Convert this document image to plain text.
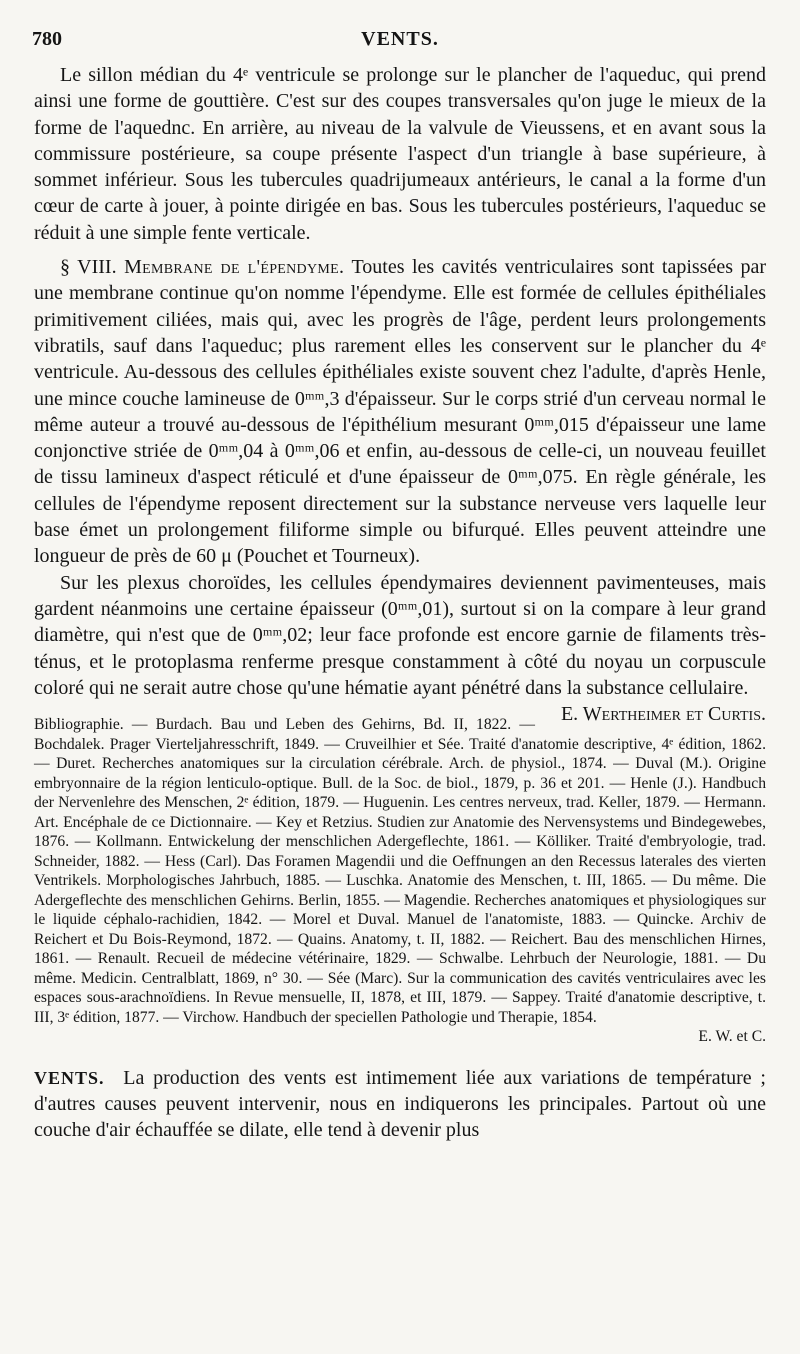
780	VENTS.

Le sillon médian du 4ᵉ ventricule se prolonge sur le plancher de l'aqueduc, qui prend ainsi une forme de gouttière. C'est sur des coupes transversales qu'on juge le mieux de la forme de l'aquednc. En arrière, au niveau de la valvule de Vieussens, et en avant sous la commissure postérieure, sa coupe présente l'aspect d'un triangle à base supérieure, à sommet inférieur. Sous les tubercules quadrijumeaux antérieurs, le canal a la forme d'un cœur de carte à jouer, à pointe dirigée en bas. Sous les tubercules postérieurs, l'aqueduc se réduit à une simple fente verticale.

§ VIII. Membrane de l'épendyme. Toutes les cavités ventriculaires sont tapissées par une membrane continue qu'on nomme l'épendyme. Elle est formée de cellules épithéliales primitivement ciliées, mais qui, avec les progrès de l'âge, perdent leurs prolongements vibratils, sauf dans l'aqueduc; plus rarement elles les conservent sur le plancher du 4ᵉ ventricule. Au-dessous des cellules épithéliales existe souvent chez l'adulte, d'après Henle, une mince couche lamineuse de 0ᵐᵐ,3 d'épaisseur. Sur le corps strié d'un cerveau normal le même auteur a trouvé au-dessous de l'épithélium mesurant 0ᵐᵐ,015 d'épaisseur une lame conjonctive striée de 0ᵐᵐ,04 à 0ᵐᵐ,06 et enfin, au-dessous de celle-ci, un nouveau feuillet de tissu lamineux d'aspect réticulé et d'une épaisseur de 0ᵐᵐ,075. En règle générale, les cellules de l'épendyme reposent directement sur la substance nerveuse vers laquelle leur base émet un prolongement filiforme simple ou bifurqué. Elles peuvent atteindre une longueur de près de 60 μ (Pouchet et Tourneux).

Sur les plexus choroïdes, les cellules épendymaires deviennent pavimenteuses, mais gardent néanmoins une certaine épaisseur (0ᵐᵐ,01), surtout si on la compare à leur grand diamètre, qui n'est que de 0ᵐᵐ,02; leur face profonde est encore garnie de filaments très-ténus, et le protoplasma renferme presque constamment à côté du noyau un corpuscule coloré qui ne serait autre chose qu'une hématie ayant pénétré dans la substance cellulaire.
E. Wertheimer et Curtis.

Bibliographie. — Burdach. Bau und Leben des Gehirns, Bd. II, 1822. — Bochdalek. Prager Vierteljahresschrift, 1849. — Cruveilhier et Sée. Traité d'anatomie descriptive, 4ᵉ édition, 1862. — Duret. Recherches anatomiques sur la circulation cérébrale. Arch. de physiol., 1874. — Duval (M.). Origine embryonnaire de la région lenticulo-optique. Bull. de la Soc. de biol., 1879, p. 36 et 201. — Henle (J.). Handbuch der Nervenlehre des Menschen, 2ᵉ édition, 1879. — Huguenin. Les centres nerveux, trad. Keller, 1879. — Hermann. Art. Encéphale de ce Dictionnaire. — Key et Retzius. Studien zur Anatomie des Nervensystems und Bindegewebes, 1876. — Kollmann. Entwickelung der menschlichen Adergeflechte, 1861. — Kölliker. Traité d'embryologie, trad. Schneider, 1882. — Hess (Carl). Das Foramen Magendii und die Oeffnungen an den Recessus laterales des vierten Ventrikels. Morphologisches Jahrbuch, 1885. — Luschka. Anatomie des Menschen, t. III, 1865. — Du même. Die Adergeflechte des menschlichen Gehirns. Berlin, 1855. — Magendie. Recherches anatomiques et physiologiques sur le liquide céphalo-rachidien, 1842. — Morel et Duval. Manuel de l'anatomiste, 1883. — Quincke. Archiv de Reichert et Du Bois-Reymond, 1872. — Quains. Anatomy, t. II, 1882. — Reichert. Bau des menschlichen Hirnes, 1861. — Renault. Recueil de médecine vétérinaire, 1829. — Schwalbe. Lehrbuch der Neurologie, 1881. — Du même. Medicin. Centralblatt, 1869, n° 30. — Sée (Marc). Sur la communication des cavités ventriculaires avec les espaces sous-arachnoïdiens. In Revue mensuelle, II, 1878, et III, 1879. — Sappey. Traité d'anatomie descriptive, t. III, 3ᵉ édition, 1877. — Virchow. Handbuch der speciellen Pathologie und Therapie, 1854.
E. W. et C.

VENTS. La production des vents est intimement liée aux variations de température ; d'autres causes peuvent intervenir, nous en indiquerons les principales. Partout où une couche d'air échauffée se dilate, elle tend à devenir plus
